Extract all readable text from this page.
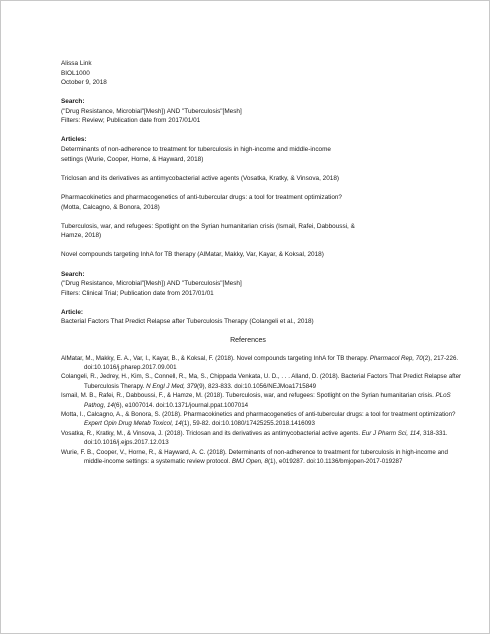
Alissa Link
BIOL1000
October 9, 2018
Search:
("Drug Resistance, Microbial"[Mesh]) AND "Tuberculosis"[Mesh]
Filters: Review; Publication date from 2017/01/01
Articles:
Determinants of non-adherence to treatment for tuberculosis in high-income and middle-income
settings (Wurie, Cooper, Horne, & Hayward, 2018)
Triclosan and its derivatives as antimycobacterial active agents (Vosatka, Kratky, & Vinsova, 2018)
Pharmacokinetics and pharmacogenetics of anti-tubercular drugs: a tool for treatment optimization?
(Motta, Calcagno, & Bonora, 2018)
Tuberculosis, war, and refugees: Spotlight on the Syrian humanitarian crisis (Ismail, Rafei, Dabboussi, &
Hamze, 2018)
Novel compounds targeting InhA for TB therapy (AlMatar, Makky, Var, Kayar, & Koksal, 2018)
Search:
("Drug Resistance, Microbial"[Mesh]) AND "Tuberculosis"[Mesh]
Filters: Clinical Trial; Publication date from 2017/01/01
Article:
Bacterial Factors That Predict Relapse after Tuberculosis Therapy (Colangeli et al., 2018)
References
AlMatar, M., Makky, E. A., Var, I., Kayar, B., & Koksal, F. (2018). Novel compounds targeting InhA for TB therapy. Pharmacol Rep, 70(2), 217-226. doi:10.1016/j.pharep.2017.09.001
Colangeli, R., Jedrey, H., Kim, S., Connell, R., Ma, S., Chippada Venkata, U. D., . . . Alland, D. (2018). Bacterial Factors That Predict Relapse after Tuberculosis Therapy. N Engl J Med, 379(9), 823-833. doi:10.1056/NEJMoa1715849
Ismail, M. B., Rafei, R., Dabboussi, F., & Hamze, M. (2018). Tuberculosis, war, and refugees: Spotlight on the Syrian humanitarian crisis. PLoS Pathog, 14(6), e1007014. doi:10.1371/journal.ppat.1007014
Motta, I., Calcagno, A., & Bonora, S. (2018). Pharmacokinetics and pharmacogenetics of anti-tubercular drugs: a tool for treatment optimization? Expert Opin Drug Metab Toxicol, 14(1), 59-82. doi:10.1080/17425255.2018.1416093
Vosatka, R., Kratky, M., & Vinsova, J. (2018). Triclosan and its derivatives as antimycobacterial active agents. Eur J Pharm Sci, 114, 318-331. doi:10.1016/j.ejps.2017.12.013
Wurie, F. B., Cooper, V., Horne, R., & Hayward, A. C. (2018). Determinants of non-adherence to treatment for tuberculosis in high-income and middle-income settings: a systematic review protocol. BMJ Open, 8(1), e019287. doi:10.1136/bmjopen-2017-019287
